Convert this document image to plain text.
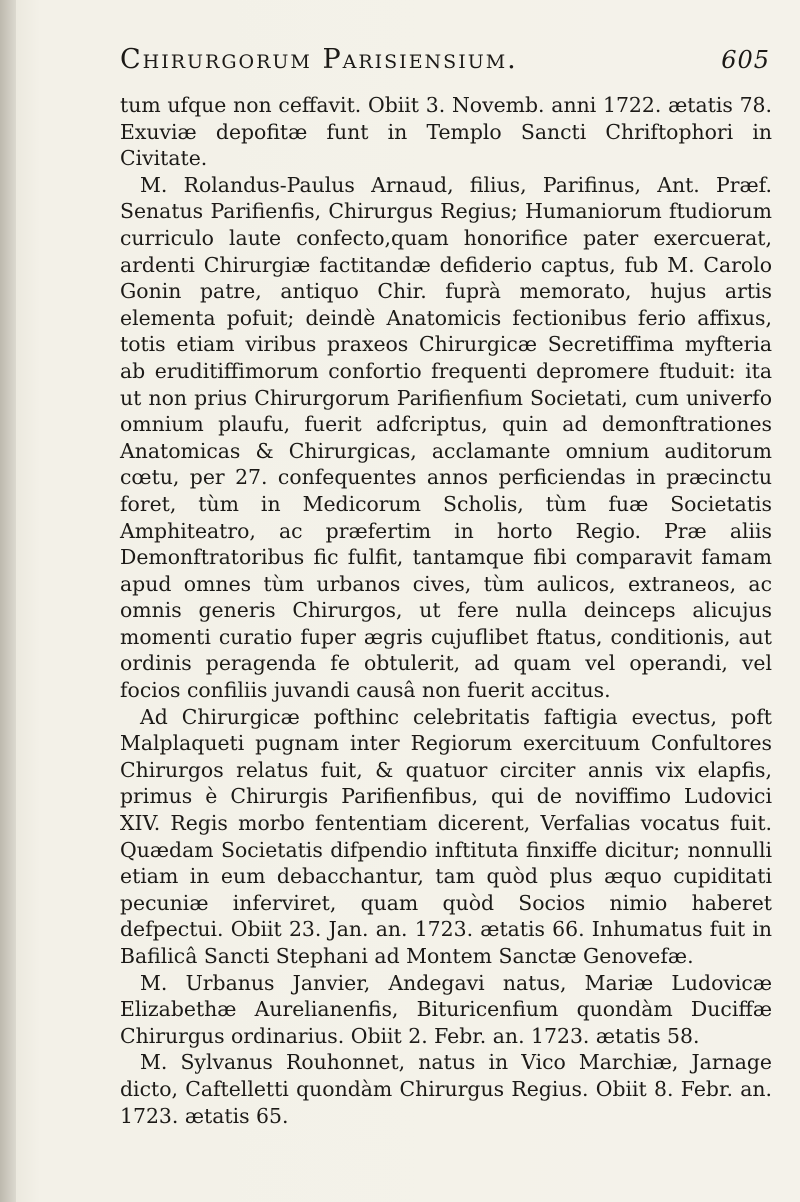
Chirurgorum Parisiensium.	605

tum ufque non ceffavit. Obiit 3. Novemb. anni 1722. ætatis 78. Exuviæ depofitæ funt in Templo Sancti Chriftophori in Civitate.

M. Rolandus-Paulus Arnaud, filius, Parifinus, Ant. Præf. Senatus Parifienfis, Chirurgus Regius; Humaniorum ftudiorum curriculo laute confecto,quam honorifice pater exercuerat, ardenti Chirurgiæ factitandæ defiderio captus, fub M. Carolo Gonin patre, antiquo Chir. fuprà memorato, hujus artis elementa pofuit; deindè Anatomicis fectionibus ferio affixus, totis etiam viribus praxeos Chirurgicæ Secretiffima myfteria ab eruditiffimorum confortio frequenti depromere ftuduit: ita ut non prius Chirurgorum Parifienfium Societati, cum univerfo omnium plaufu, fuerit adfcriptus, quin ad demonftrationes Anatomicas & Chirurgicas, acclamante omnium auditorum cœtu, per 27. confequentes annos perficiendas in præcinctu foret, tùm in Medicorum Scholis, tùm fuæ Societatis Amphiteatro, ac præfertim in horto Regio. Præ aliis Demonftratoribus fic fulfit, tantamque fibi comparavit famam apud omnes tùm urbanos cives, tùm aulicos, extraneos, ac omnis generis Chirurgos, ut fere nulla deinceps alicujus momenti curatio fuper ægris cujuflibet ftatus, conditionis, aut ordinis peragenda fe obtulerit, ad quam vel operandi, vel focios confiliis juvandi causâ non fuerit accitus.

Ad Chirurgicæ pofthinc celebritatis faftigia evectus, poft Malplaqueti pugnam inter Regiorum exercituum Confultores Chirurgos relatus fuit, & quatuor circiter annis vix elapfis, primus è Chirurgis Parifienfibus, qui de noviffimo Ludovici XIV. Regis morbo fententiam dicerent, Verfalias vocatus fuit. Quædam Societatis difpendio inftituta finxiffe dicitur; nonnulli etiam in eum debacchantur, tam quòd plus æquo cupiditati pecuniæ inferviret, quam quòd Socios nimio haberet defpectui. Obiit 23. Jan. an. 1723. ætatis 66. Inhumatus fuit in Bafilicâ Sancti Stephani ad Montem Sanctæ Genovefæ.

M. Urbanus Janvier, Andegavi natus, Mariæ Ludovicæ Elizabethæ Aurelianenfis, Bituricenfium quondàm Duciffæ Chirurgus ordinarius. Obiit 2. Febr. an. 1723. ætatis 58.

M. Sylvanus Rouhonnet, natus in Vico Marchiæ, Jarnage dicto, Caftelletti quondàm Chirurgus Regius. Obiit 8. Febr. an. 1723. ætatis 65.
